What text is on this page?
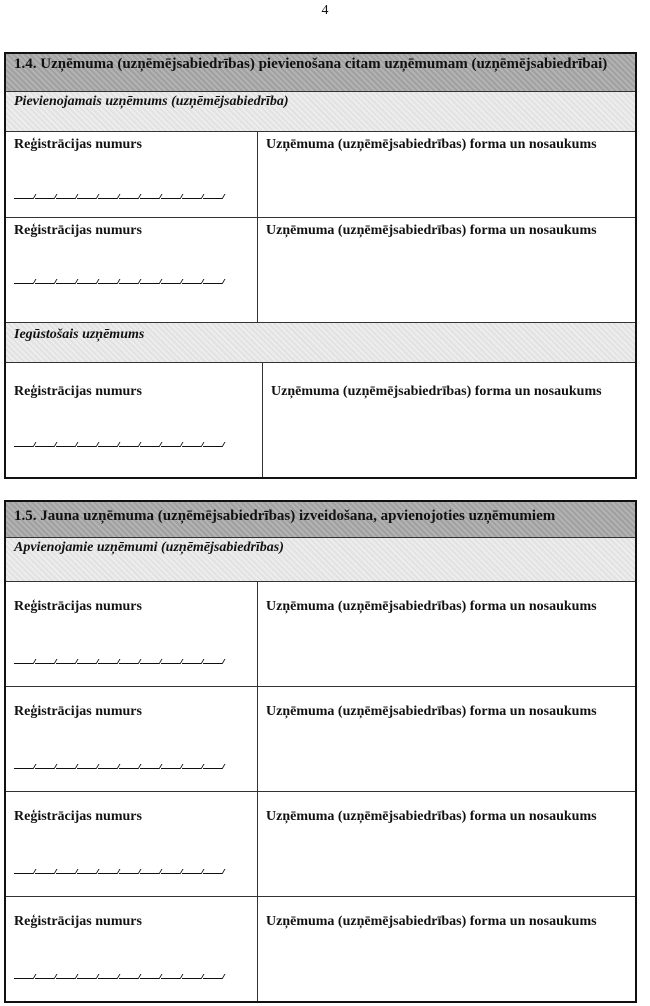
4
1.4. Uzņēmuma (uzņēmējsabiedrības) pievienošana citam uzņēmumam (uzņēmējsabiedrībai)
Pievienojamais uzņēmums (uzņēmējsabiedrība)
Reģistrācijas numurs	Uzņēmuma (uzņēmējsabiedrības) forma un nosaukums
Reģistrācijas numurs	Uzņēmuma (uzņēmējsabiedrības) forma un nosaukums
Iegūstošais uzņēmums
Reģistrācijas numurs	Uzņēmuma (uzņēmējsabiedrības) forma un nosaukums
1.5. Jauna uzņēmuma (uzņēmējsabiedrības) izveidošana, apvienojoties uzņēmumiem
Apvienojamie uzņēmumi (uzņēmējsabiedrības)
Reģistrācijas numurs	Uzņēmuma (uzņēmējsabiedrības) forma un nosaukums
Reģistrācijas numurs	Uzņēmuma (uzņēmējsabiedrības) forma un nosaukums
Reģistrācijas numurs	Uzņēmuma (uzņēmējsabiedrības) forma un nosaukums
Reģistrācijas numurs	Uzņēmuma (uzņēmējsabiedrības) forma un nosaukums
